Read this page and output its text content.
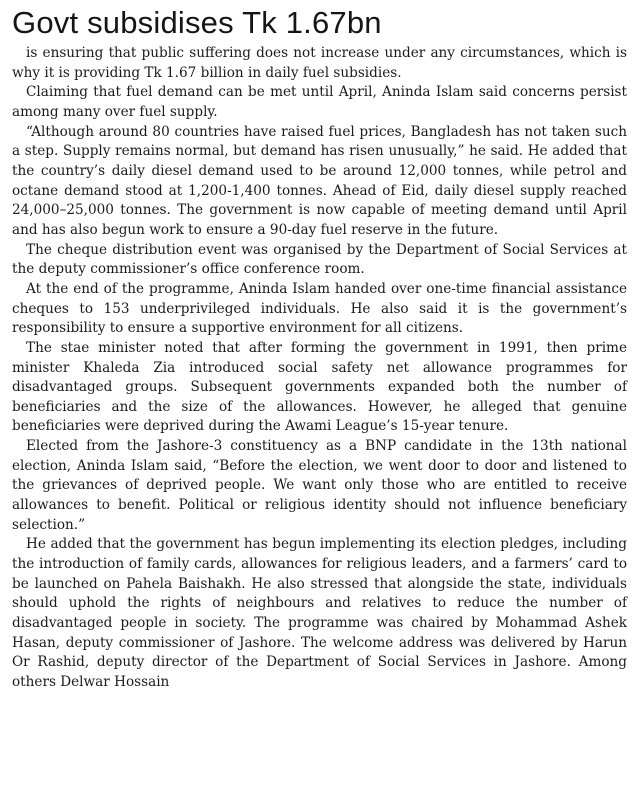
Govt subsidises Tk 1.67bn

is ensuring that public suffering does not increase under any circumstances, which is why it is providing Tk 1.67 billion in daily fuel subsidies.

Claiming that fuel demand can be met until April, Aninda Islam said concerns persist among many over fuel supply.

“Although around 80 countries have raised fuel prices, Bangladesh has not taken such a step. Supply remains normal, but demand has risen unusually,” he said. He added that the country’s daily diesel demand used to be around 12,000 tonnes, while petrol and octane demand stood at 1,200-1,400 tonnes. Ahead of Eid, daily diesel supply reached 24,000–25,000 tonnes. The government is now capable of meeting demand until April and has also begun work to ensure a 90-day fuel reserve in the future.

The cheque distribution event was organised by the Department of Social Services at the deputy commissioner’s office conference room.

At the end of the programme, Aninda Islam handed over one-time financial assistance cheques to 153 underprivileged individuals. He also said it is the government’s responsibility to ensure a supportive environment for all citizens.

The stae minister noted that after forming the government in 1991, then prime minister Khaleda Zia introduced social safety net allowance programmes for disadvantaged groups. Subsequent governments expanded both the number of beneficiaries and the size of the allowances. However, he alleged that genuine beneficiaries were deprived during the Awami League’s 15-year tenure.

Elected from the Jashore-3 constituency as a BNP candidate in the 13th national election, Aninda Islam said, “Before the election, we went door to door and listened to the grievances of deprived people. We want only those who are entitled to receive allowances to benefit. Political or religious identity should not influence beneficiary selection.”

He added that the government has begun implementing its election pledges, including the introduction of family cards, allowances for religious leaders, and a farmers’ card to be launched on Pahela Baishakh. He also stressed that alongside the state, individuals should uphold the rights of neighbours and relatives to reduce the number of disadvantaged people in society. The programme was chaired by Mohammad Ashek Hasan, deputy commissioner of Jashore. The welcome address was delivered by Harun Or Rashid, deputy director of the Department of Social Services in Jashore. Among others Delwar Hossain
